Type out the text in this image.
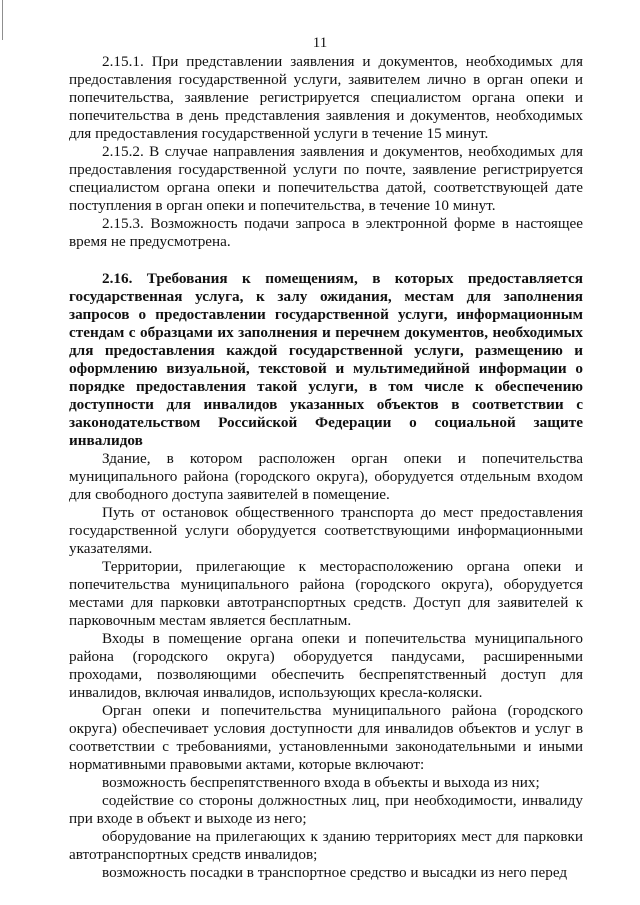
11

2.15.1. При представлении заявления и документов, необходимых для предоставления государственной услуги, заявителем лично в орган опеки и попечительства, заявление регистрируется специалистом органа опеки и попечительства в день представления заявления и документов, необходимых для предоставления государственной услуги в течение 15 минут.

2.15.2. В случае направления заявления и документов, необходимых для предоставления государственной услуги по почте, заявление регистрируется специалистом органа опеки и попечительства датой, соответствующей дате поступления в орган опеки и попечительства, в течение 10 минут.

2.15.3. Возможность подачи запроса в электронной форме в настоящее время не предусмотрена.

2.16. Требования к помещениям, в которых предоставляется государственная услуга, к залу ожидания, местам для заполнения запросов о предоставлении государственной услуги, информационным стендам с образцами их заполнения и перечнем документов, необходимых для предоставления каждой государственной услуги, размещению и оформлению визуальной, текстовой и мультимедийной информации о порядке предоставления такой услуги, в том числе к обеспечению доступности для инвалидов указанных объектов в соответствии с законодательством Российской Федерации о социальной защите инвалидов

Здание, в котором расположен орган опеки и попечительства муниципального района (городского округа), оборудуется отдельным входом для свободного доступа заявителей в помещение.

Путь от остановок общественного транспорта до мест предоставления государственной услуги оборудуется соответствующими информационными указателями.

Территории, прилегающие к месторасположению органа опеки и попечительства муниципального района (городского округа), оборудуется местами для парковки автотранспортных средств. Доступ для заявителей к парковочным местам является бесплатным.

Входы в помещение органа опеки и попечительства муниципального района (городского округа) оборудуется пандусами, расширенными проходами, позволяющими обеспечить беспрепятственный доступ для инвалидов, включая инвалидов, использующих кресла-коляски.

Орган опеки и попечительства муниципального района (городского округа) обеспечивает условия доступности для инвалидов объектов и услуг в соответствии с требованиями, установленными законодательными и иными нормативными правовыми актами, которые включают:

возможность беспрепятственного входа в объекты и выхода из них;

содействие со стороны должностных лиц, при необходимости, инвалиду при входе в объект и выходе из него;

оборудование на прилегающих к зданию территориях мест для парковки автотранспортных средств инвалидов;

возможность посадки в транспортное средство и высадки из него перед
